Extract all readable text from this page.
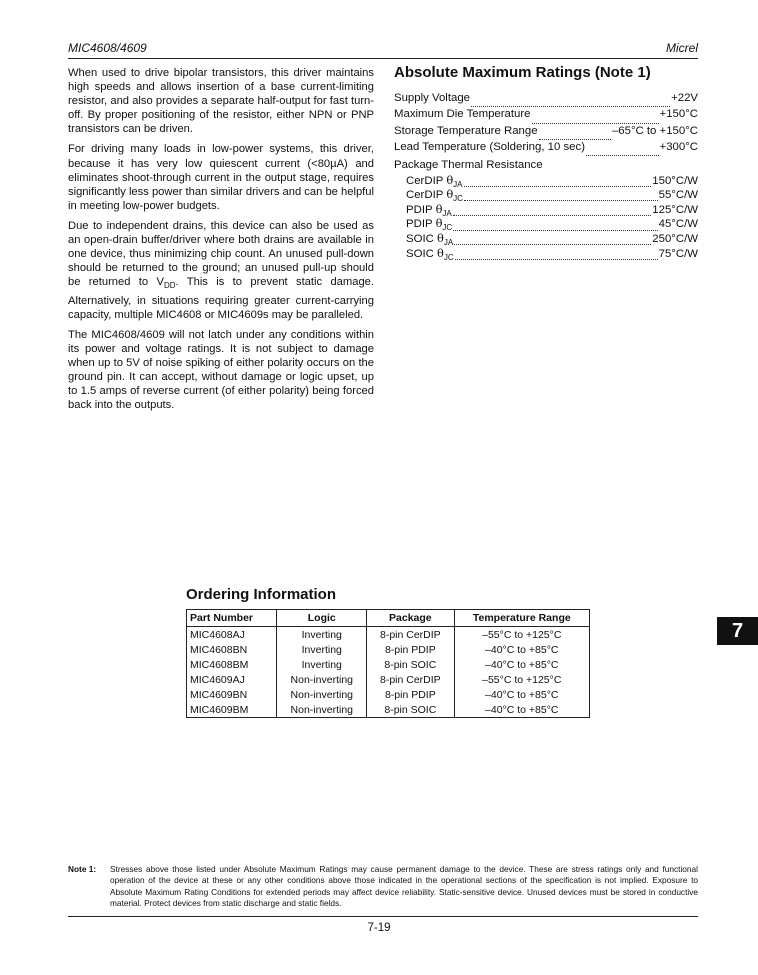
MIC4608/4609	Micrel

When used to drive bipolar transistors, this driver maintains high speeds and allows insertion of a base current-limiting resistor, and also provides a separate half-output for fast turn-off. By proper positioning of the resistor, either NPN or PNP transistors can be driven.

For driving many loads in low-power systems, this driver, because it has very low quiescent current (<80µA) and eliminates shoot-through current in the output stage, requires significantly less power than similar drivers and can be helpful in meeting low-power budgets.

Due to independent drains, this device can also be used as an open-drain buffer/driver where both drains are available in one device, thus minimizing chip count. An unused pull-down should be returned to the ground; an unused pull-up should be returned to $V_{DD}$. This is to prevent static damage. Alternatively, in situations requiring greater current-carrying capacity, multiple MIC4608 or MIC4609s may be paralleled.

The MIC4608/4609 will not latch under any conditions within its power and voltage ratings. It is not subject to damage when up to 5V of noise spiking of either polarity occurs on the ground pin. It can accept, without damage or logic upset, up to 1.5 amps of reverse current (of either polarity) being forced back into the outputs.

Absolute Maximum Ratings (Note 1)
Supply Voltage	+22V
Maximum Die Temperature	+150°C
Storage Temperature Range	–65°C to +150°C
Lead Temperature (Soldering, 10 sec)	+300°C
Package Thermal Resistance
CerDIP $\theta_{JA}$	150°C/W
CerDIP $\theta_{JC}$	55°C/W
PDIP $\theta_{JA}$	125°C/W
PDIP $\theta_{JC}$	45°C/W
SOIC $\theta_{JA}$	250°C/W
SOIC $\theta_{JC}$	75°C/W
Ordering Information
Part Number	Logic	Package	Temperature Range
MIC4608AJ	Inverting	8-pin CerDIP	–55°C to +125°C
MIC4608BN	Inverting	8-pin PDIP	–40°C to +85°C
MIC4608BM	Inverting	8-pin SOIC	–40°C to +85°C
MIC4609AJ	Non-inverting	8-pin CerDIP	–55°C to +125°C
MIC4609BN	Non-inverting	8-pin PDIP	–40°C to +85°C
MIC4609BM	Non-inverting	8-pin SOIC	–40°C to +85°C
7
Note 1: Stresses above those listed under Absolute Maximum Ratings may cause permanent damage to the device. These are stress ratings only and functional operation of the device at these or any other conditions above those indicated in the operational sections of the specification is not implied. Exposure to Absolute Maximum Rating Conditions for extended periods may affect device reliability. Static-sensitive device. Unused devices must be stored in conductive material. Protect devices from static discharge and static fields.
7-19
